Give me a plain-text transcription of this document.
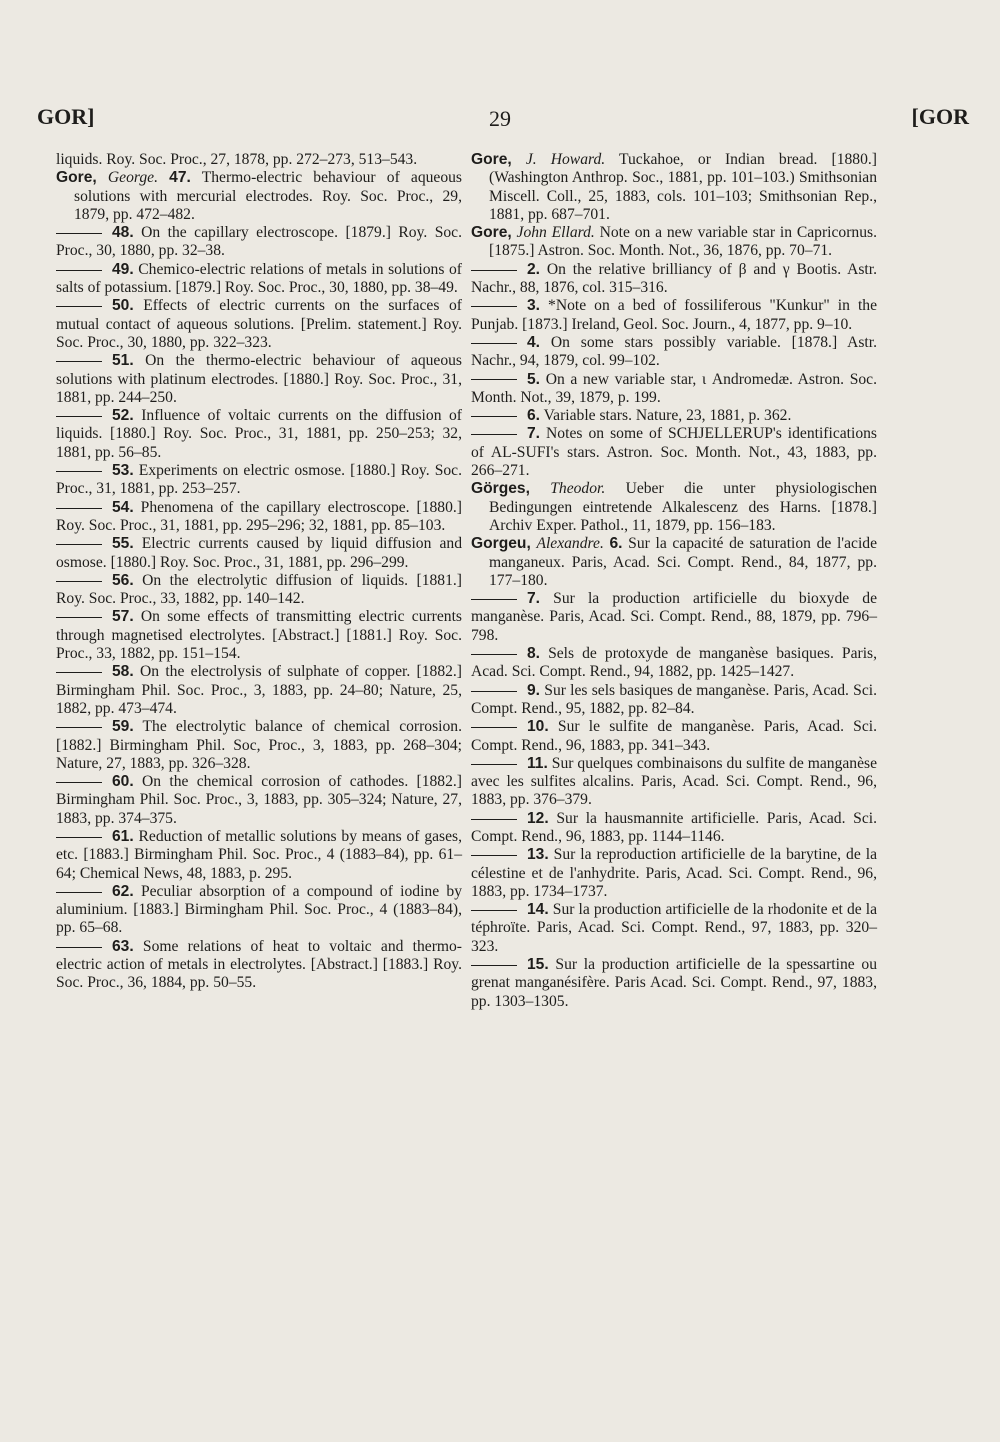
GOR]	29	[GOR

liquids. Roy. Soc. Proc., 27, 1878, pp. 272–273, 513–543.

Gore, George. 47. Thermo-electric behaviour of aqueous solutions with mercurial electrodes. Roy. Soc. Proc., 29, 1879, pp. 472–482.

48. On the capillary electroscope. [1879.] Roy. Soc. Proc., 30, 1880, pp. 32–38.

49. Chemico-electric relations of metals in solutions of salts of potassium. [1879.] Roy. Soc. Proc., 30, 1880, pp. 38–49.

50. Effects of electric currents on the surfaces of mutual contact of aqueous solutions. [Prelim. statement.] Roy. Soc. Proc., 30, 1880, pp. 322–323.

51. On the thermo-electric behaviour of aqueous solutions with platinum electrodes. [1880.] Roy. Soc. Proc., 31, 1881, pp. 244–250.

52. Influence of voltaic currents on the diffusion of liquids. [1880.] Roy. Soc. Proc., 31, 1881, pp. 250–253; 32, 1881, pp. 56–85.

53. Experiments on electric osmose. [1880.] Roy. Soc. Proc., 31, 1881, pp. 253–257.

54. Phenomena of the capillary electroscope. [1880.] Roy. Soc. Proc., 31, 1881, pp. 295–296; 32, 1881, pp. 85–103.

55. Electric currents caused by liquid diffusion and osmose. [1880.] Roy. Soc. Proc., 31, 1881, pp. 296–299.

56. On the electrolytic diffusion of liquids. [1881.] Roy. Soc. Proc., 33, 1882, pp. 140–142.

57. On some effects of transmitting electric currents through magnetised electrolytes. [Abstract.] [1881.] Roy. Soc. Proc., 33, 1882, pp. 151–154.

58. On the electrolysis of sulphate of copper. [1882.] Birmingham Phil. Soc. Proc., 3, 1883, pp. 24–80; Nature, 25, 1882, pp. 473–474.

59. The electrolytic balance of chemical corrosion. [1882.] Birmingham Phil. Soc, Proc., 3, 1883, pp. 268–304; Nature, 27, 1883, pp. 326–328.

60. On the chemical corrosion of cathodes. [1882.] Birmingham Phil. Soc. Proc., 3, 1883, pp. 305–324; Nature, 27, 1883, pp. 374–375.

61. Reduction of metallic solutions by means of gases, etc. [1883.] Birmingham Phil. Soc. Proc., 4 (1883–84), pp. 61–64; Chemical News, 48, 1883, p. 295.

62. Peculiar absorption of a compound of iodine by aluminium. [1883.] Birmingham Phil. Soc. Proc., 4 (1883–84), pp. 65–68.

63. Some relations of heat to voltaic and thermo-electric action of metals in electrolytes. [Abstract.] [1883.] Roy. Soc. Proc., 36, 1884, pp. 50–55.

Gore, J. Howard. Tuckahoe, or Indian bread. [1880.] (Washington Anthrop. Soc., 1881, pp. 101–103.) Smithsonian Miscell. Coll., 25, 1883, cols. 101–103; Smithsonian Rep., 1881, pp. 687–701.

Gore, John Ellard. Note on a new variable star in Capricornus. [1875.] Astron. Soc. Month. Not., 36, 1876, pp. 70–71.

2. On the relative brilliancy of β and γ Bootis. Astr. Nachr., 88, 1876, col. 315–316.

3. *Note on a bed of fossiliferous "Kunkur" in the Punjab. [1873.] Ireland, Geol. Soc. Journ., 4, 1877, pp. 9–10.

4. On some stars possibly variable. [1878.] Astr. Nachr., 94, 1879, col. 99–102.

5. On a new variable star, ι Andromedæ. Astron. Soc. Month. Not., 39, 1879, p. 199.

6. Variable stars. Nature, 23, 1881, p. 362.

7. Notes on some of SCHJELLERUP's identifications of AL-SUFI's stars. Astron. Soc. Month. Not., 43, 1883, pp. 266–271.

Görges, Theodor. Ueber die unter physiologischen Bedingungen eintretende Alkalescenz des Harns. [1878.] Archiv Exper. Pathol., 11, 1879, pp. 156–183.

Gorgeu, Alexandre. 6. Sur la capacité de saturation de l'acide manganeux. Paris, Acad. Sci. Compt. Rend., 84, 1877, pp. 177–180.

7. Sur la production artificielle du bioxyde de manganèse. Paris, Acad. Sci. Compt. Rend., 88, 1879, pp. 796–798.

8. Sels de protoxyde de manganèse basiques. Paris, Acad. Sci. Compt. Rend., 94, 1882, pp. 1425–1427.

9. Sur les sels basiques de manganèse. Paris, Acad. Sci. Compt. Rend., 95, 1882, pp. 82–84.

10. Sur le sulfite de manganèse. Paris, Acad. Sci. Compt. Rend., 96, 1883, pp. 341–343.

11. Sur quelques combinaisons du sulfite de manganèse avec les sulfites alcalins. Paris, Acad. Sci. Compt. Rend., 96, 1883, pp. 376–379.

12. Sur la hausmannite artificielle. Paris, Acad. Sci. Compt. Rend., 96, 1883, pp. 1144–1146.

13. Sur la reproduction artificielle de la barytine, de la célestine et de l'anhydrite. Paris, Acad. Sci. Compt. Rend., 96, 1883, pp. 1734–1737.

14. Sur la production artificielle de la rhodonite et de la téphroïte. Paris, Acad. Sci. Compt. Rend., 97, 1883, pp. 320–323.

15. Sur la production artificielle de la spessartine ou grenat manganésifère. Paris Acad. Sci. Compt. Rend., 97, 1883, pp. 1303–1305.
